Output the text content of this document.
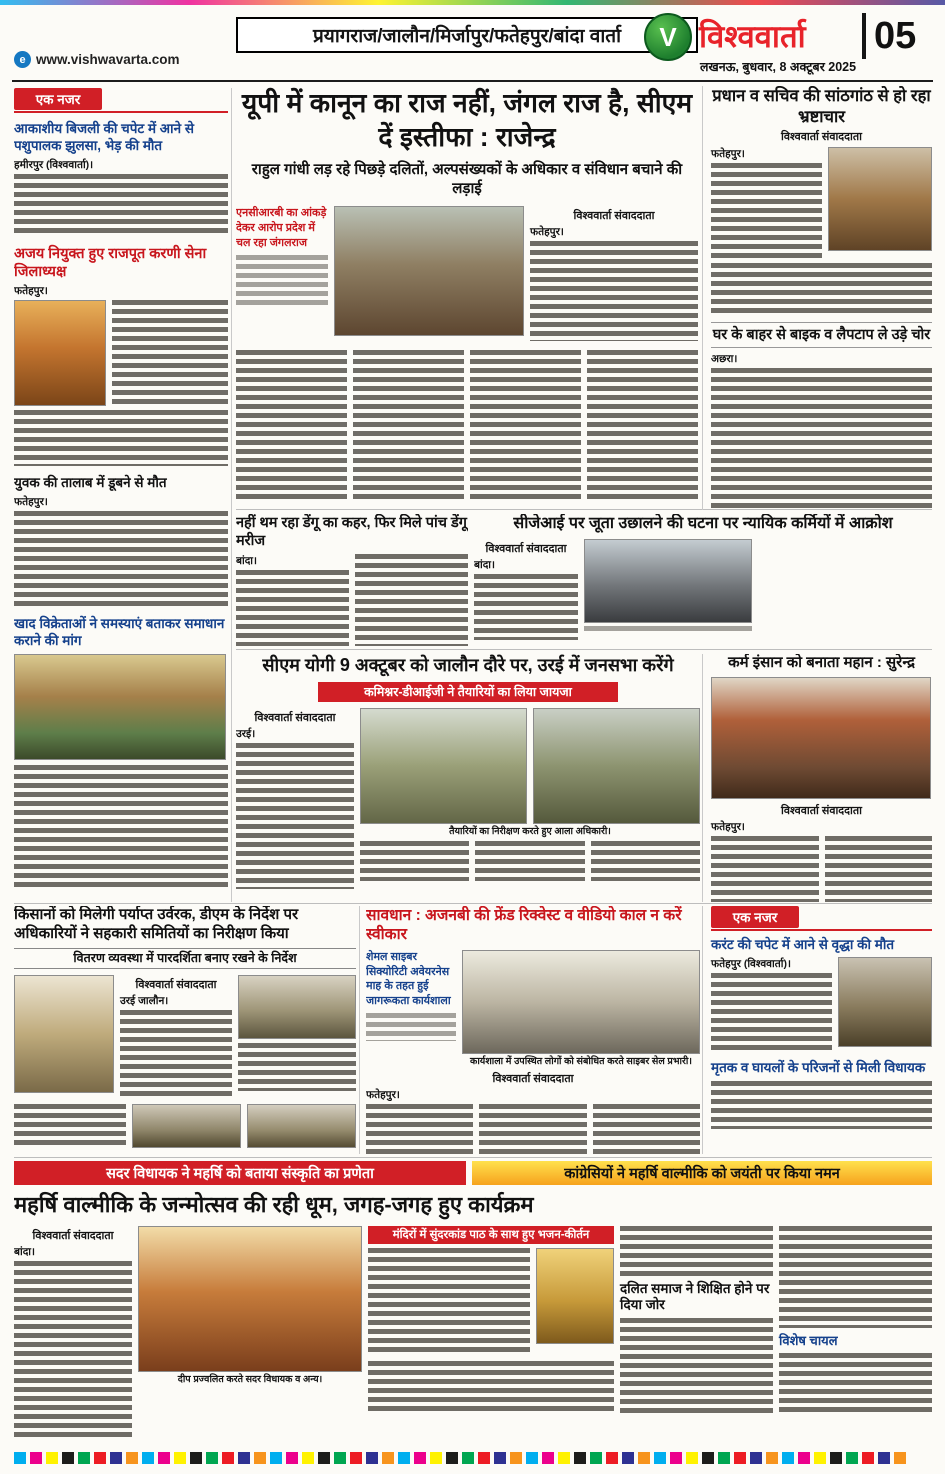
e www.vishwavarta.com
प्रयागराज/जालौन/मिर्जापुर/फतेहपुर/बांदा वार्ता V विश्ववार्ता
लखनऊ, बुधवार, 8 अक्टूबर 2025
05
एक नजर
आकाशीय बिजली की चपेट में आने से पशुपालक झुलसा, भेड़ की मौत
हमीरपुर (विश्ववार्ता)।
अजय नियुक्त हुए राजपूत करणी सेना जिलाध्यक्ष
फतेहपुर।
युवक की तालाब में डूबने से मौत
फतेहपुर।
खाद विक्रेताओं ने समस्याएं बताकर समाधान कराने की मांग
यूपी में कानून का राज नहीं, जंगल राज है, सीएम दें इस्तीफा : राजेन्द्र
राहुल गांधी लड़ रहे पिछड़े दलितों, अल्पसंख्यकों के अधिकार व संविधान बचाने की लड़ाई
एनसीआरबी का आंकड़े देकर आरोप प्रदेश में चल रहा जंगलराज
विश्ववार्ता संवाददाता
फतेहपुर।
प्रधान व सचिव की सांठगांठ से हो रहा भ्रष्टाचार
विश्ववार्ता संवाददाता
फतेहपुर।
घर के बाहर से बाइक व लैपटाप ले उड़े चोर
अछरा।
नहीं थम रहा डेंगू का कहर, फिर मिले पांच डेंगू मरीज
बांदा।
सीजेआई पर जूता उछालने की घटना पर न्यायिक कर्मियों में आक्रोश
विश्ववार्ता संवाददाता
बांदा।
सीएम योगी 9 अक्टूबर को जालौन दौरे पर, उरई में जनसभा करेंगे
कमिश्नर-डीआईजी ने तैयारियों का लिया जायजा
विश्ववार्ता संवाददाता
उरई।
तैयारियों का निरीक्षण करते हुए आला अधिकारी।
कर्म इंसान को बनाता महान : सुरेन्द्र
विश्ववार्ता संवाददाता
फतेहपुर।
किसानों को मिलेगी पर्याप्त उर्वरक, डीएम के निर्देश पर अधिकारियों ने सहकारी समितियों का निरीक्षण किया
वितरण व्यवस्था में पारदर्शिता बनाए रखने के निर्देश
विश्ववार्ता संवाददाता
उरई जालौन।
सावधान : अजनबी की फ्रेंड रिक्वेस्ट व वीडियो काल न करें स्वीकार
शेमल साइबर सिक्योरिटी अवेयरनेस माह के तहत हुई जागरूकता कार्यशाला
कार्यशाला में उपस्थित लोगों को संबोधित करते साइबर सेल प्रभारी।
विश्ववार्ता संवाददाता
फतेहपुर।
एक नजर
करंट की चपेट में आने से वृद्धा की मौत
फतेहपुर (विश्ववार्ता)।
मृतक व घायलों के परिजनों से मिली विधायक
सदर विधायक ने महर्षि को बताया संस्कृति का प्रणेता	कांग्रेसियों ने महर्षि वाल्मीकि को जयंती पर किया नमन
महर्षि वाल्मीकि के जन्मोत्सव की रही धूम, जगह-जगह हुए कार्यक्रम
विश्ववार्ता संवाददाता
बांदा।
दीप प्रज्वलित करते सदर विधायक व अन्य।
मंदिरों में सुंदरकांड पाठ के साथ हुए भजन-कीर्तन
दलित समाज ने शिक्षित होने पर दिया जोर
विशेष चायल
